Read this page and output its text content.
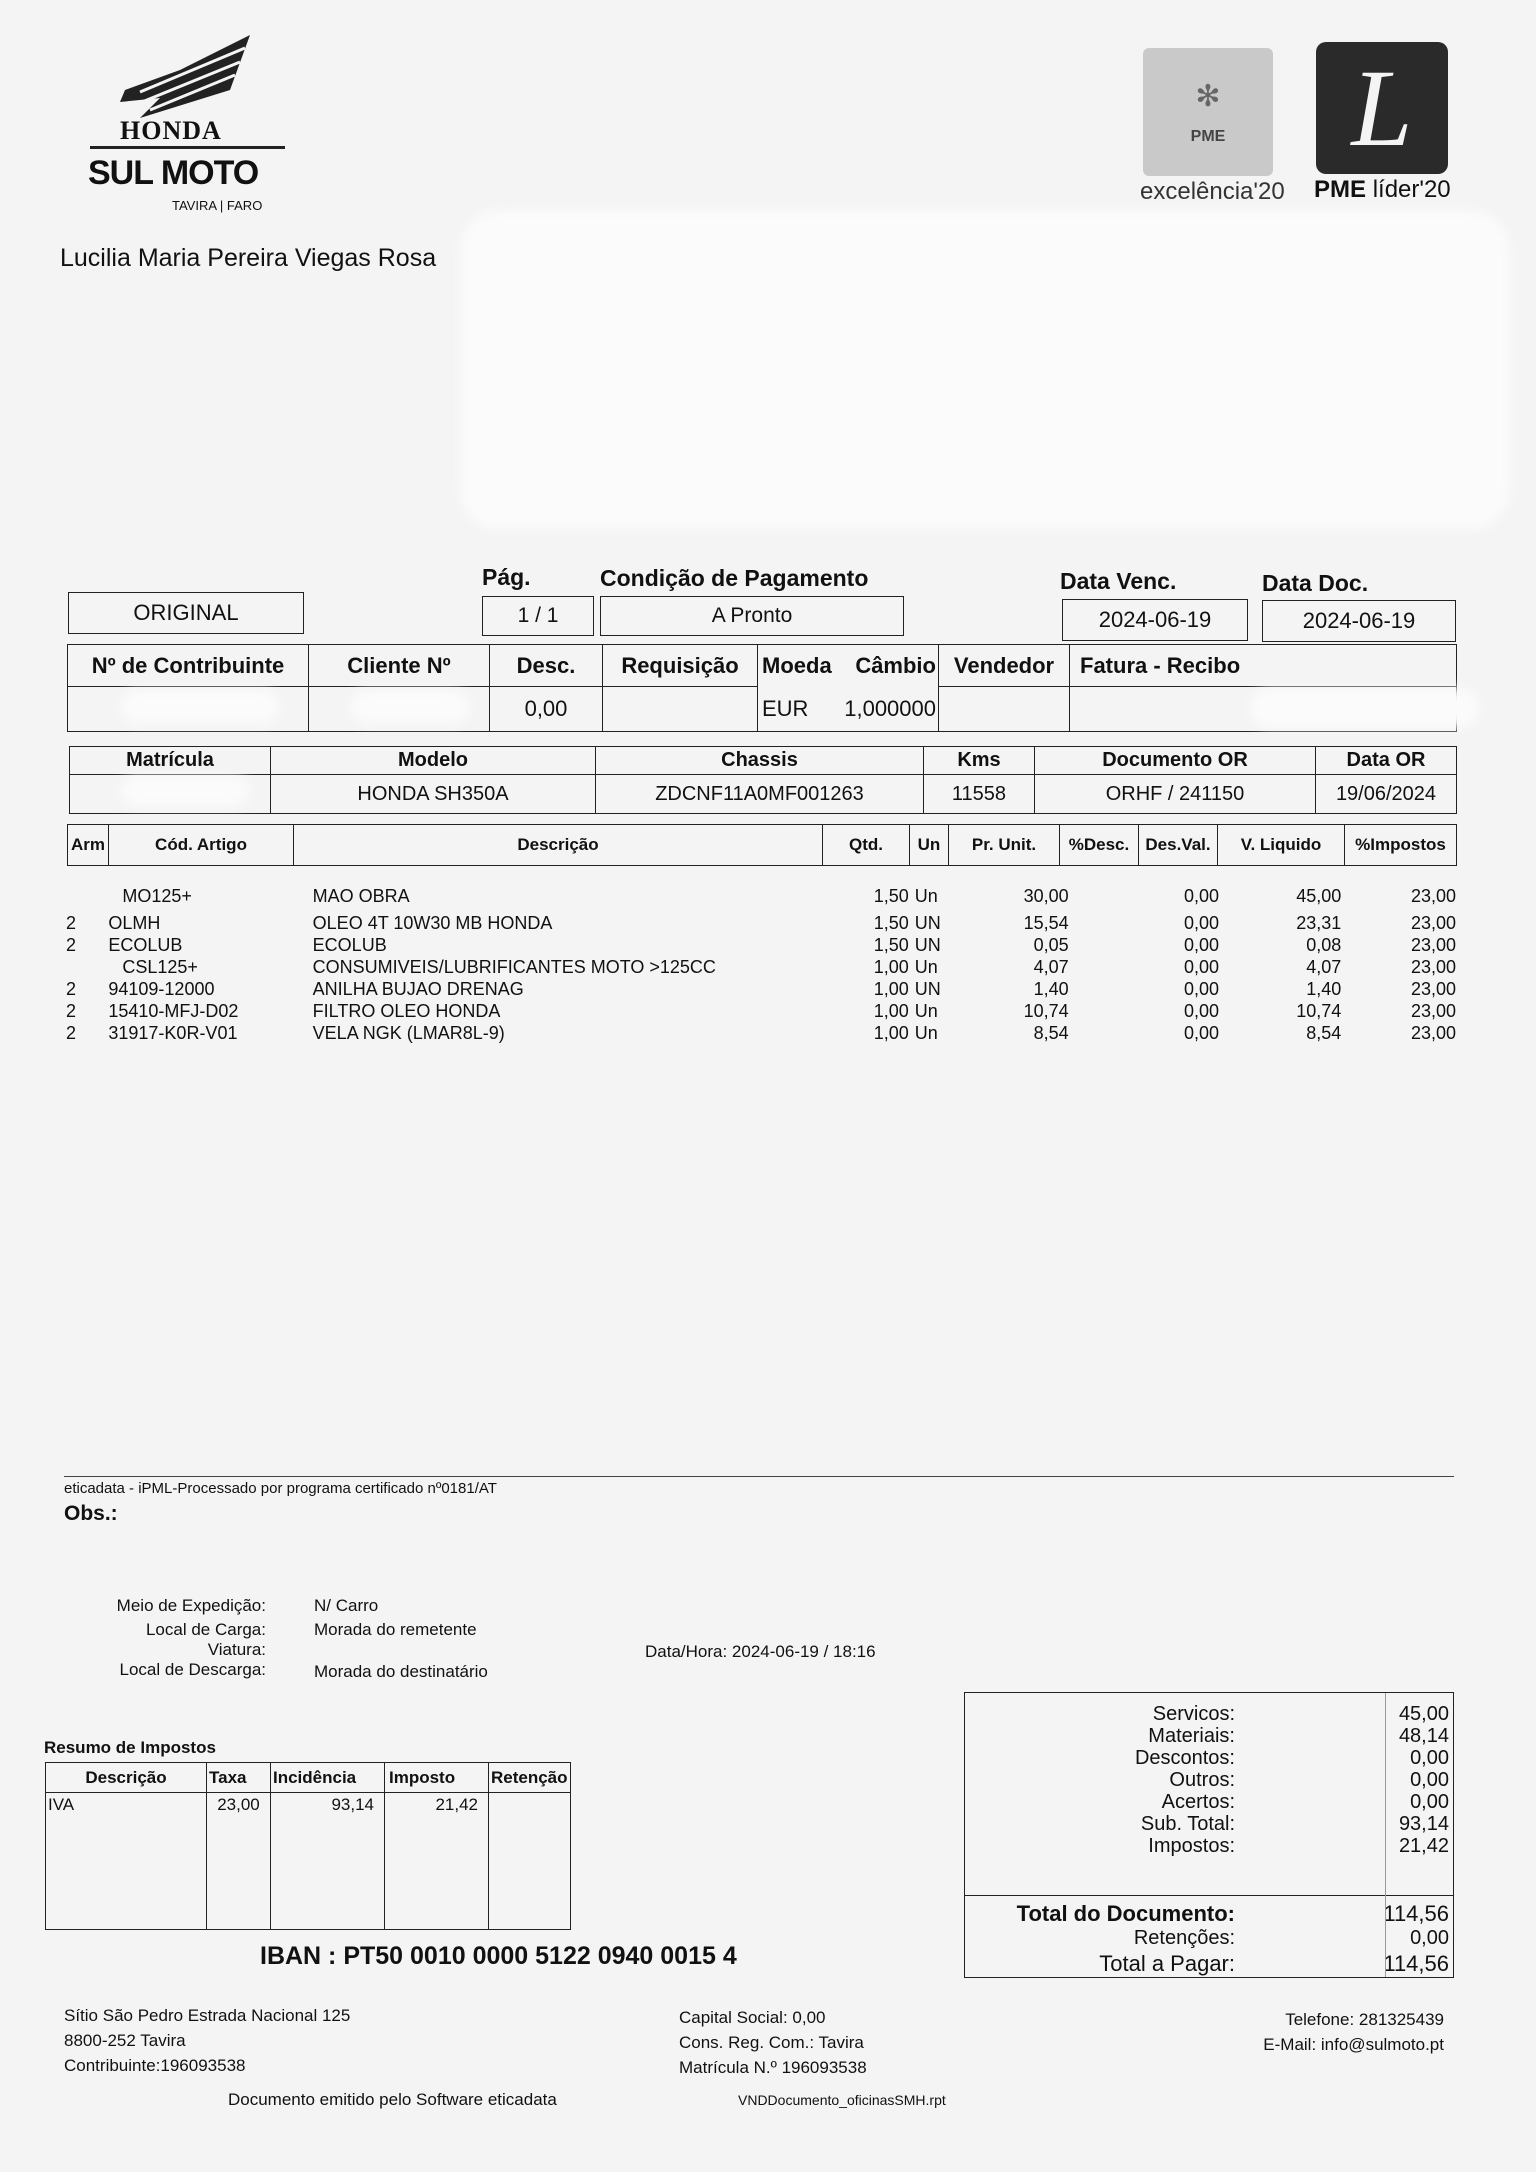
HONDA
SUL MOTO
TAVIRA | FARO
✻
PME
excelência'20
L
PME líder'20
Lucilia Maria Pereira Viegas Rosa
ORIGINAL
Pág.
1 / 1
Condição de Pagamento
A Pronto
Data Venc.
2024-06-19
Data Doc.
2024-06-19
Nº de Contribuinte	Cliente Nº	Desc.	Requisição	Moeda	Câmbio	Vendedor	Fatura - Recibo
		0,00		EUR	1,000000		
Matrícula	Modelo	Chassis	Kms	Documento OR	Data OR
	HONDA SH350A	ZDCNF11A0MF001263	11558	ORHF / 241150	19/06/2024
Arm	Cód. Artigo	Descrição	Qtd.	Un	Pr. Unit.	%Desc.	Des.Val.	V. Liquido	%Impostos
	MO125+	MAO OBRA	1,50	Un	30,00		0,00	45,00	23,00
2	OLMH	OLEO 4T 10W30 MB HONDA	1,50	UN	15,54		0,00	23,31	23,00
2	ECOLUB	ECOLUB	1,50	UN	0,05		0,00	0,08	23,00
	CSL125+	CONSUMIVEIS/LUBRIFICANTES MOTO >125CC	1,00	Un	4,07		0,00	4,07	23,00
2	94109-12000	ANILHA BUJAO DRENAG	1,00	UN	1,40		0,00	1,40	23,00
2	15410-MFJ-D02	FILTRO OLEO HONDA	1,00	Un	10,74		0,00	10,74	23,00
2	31917-K0R-V01	VELA NGK (LMAR8L-9)	1,00	Un	8,54		0,00	8,54	23,00
eticadata - iPML-Processado por programa certificado nº0181/AT
Obs.:
Meio de Expedição:	N/ Carro
Local de Carga:	Morada do remetente
Viatura:
Local de Descarga:	Morada do destinatário
Data/Hora: 2024-06-19 / 18:16
Resumo de Impostos
Descrição	Taxa	Incidência	Imposto	Retenção
IVA	23,00	93,14	21,42	
IBAN : PT50 0010 0000 5122 0940 0015 4
Servicos:	45,00
Materiais:	48,14
Descontos:	0,00
Outros:	0,00
Acertos:	0,00
Sub. Total:	93,14
Impostos:	21,42
Total do Documento:	114,56
Retenções:	0,00
Total a Pagar:	114,56
Sítio São Pedro Estrada Nacional 125
8800-252 Tavira
Contribuinte:196093538
Capital Social: 0,00
Cons. Reg. Com.: Tavira
Matrícula N.º 196093538
Telefone: 281325439
E-Mail: info@sulmoto.pt
Documento emitido pelo Software eticadata	VNDDocumento_oficinasSMH.rpt
